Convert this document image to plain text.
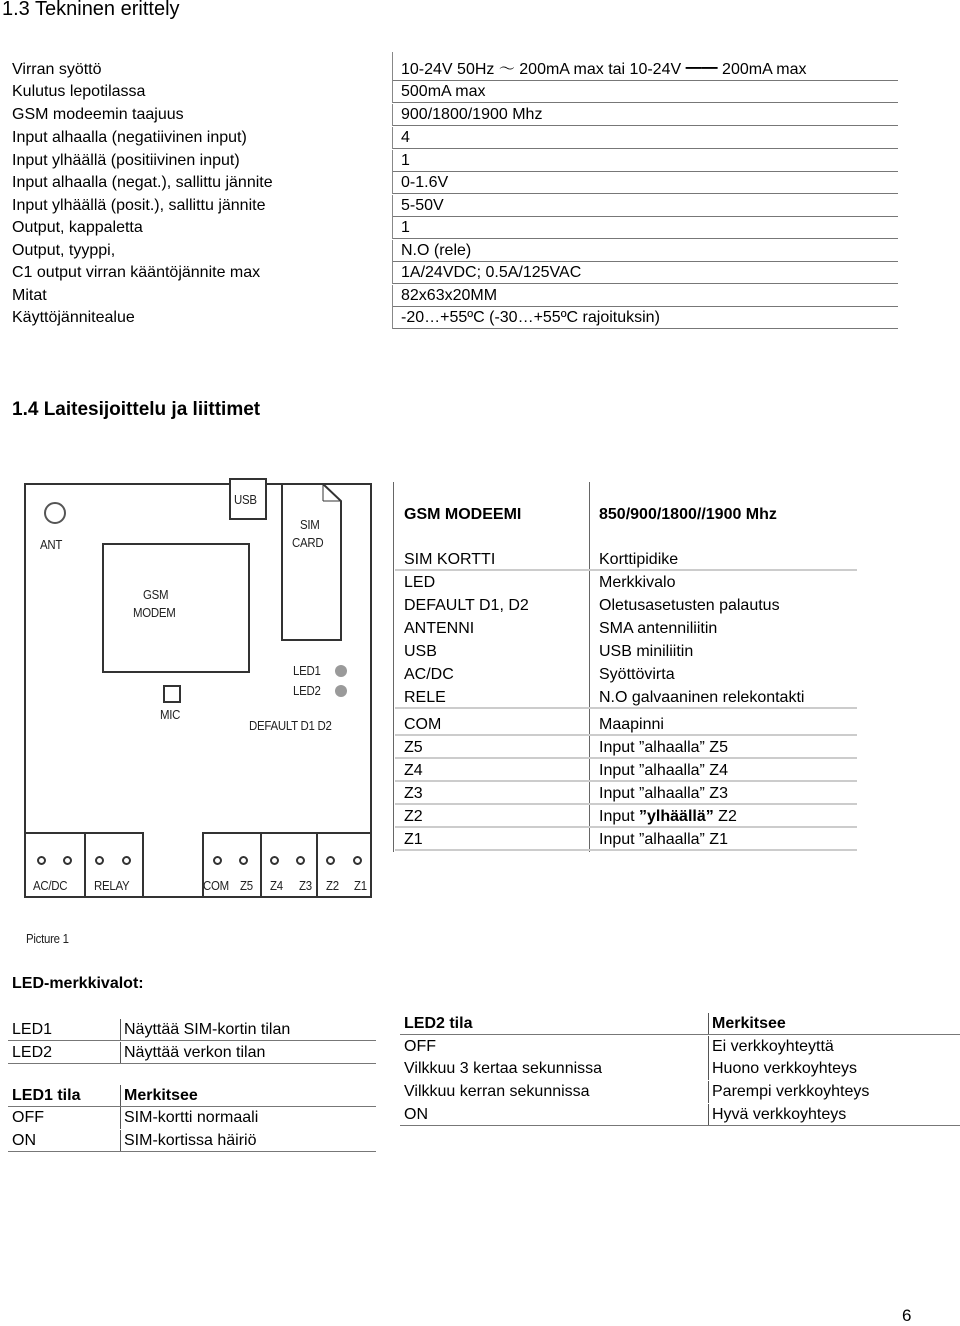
1.3 Tekninen erittely
Virran syöttö	10-24V 50Hz ～ 200mA max tai 10-24V ━━ 200mA max
Kulutus lepotilassa	500mA max
GSM modeemin taajuus	900/1800/1900 Mhz
Input alhaalla (negatiivinen input)	4
Input ylhäällä (positiivinen input)	1
Input alhaalla (negat.), sallittu jännite	0-1.6V
Input ylhäällä (posit.), sallittu jännite	5-50V
Output, kappaletta	1
Output, tyyppi,	N.O (rele)
C1 output virran kääntöjännite max	1A/24VDC; 0.5A/125VAC
Mitat	82x63x20MM
Käyttöjännitealue	-20…+55ºC (-30…+55ºC rajoituksin)
1.4 Laitesijoittelu ja liittimet
USB
ANT
SIM
CARD
GSM
MODEM
MIC
LED1
LED2
DEFAULT D1 D2
AC/DC RELAY	COM Z5 Z4 Z3 Z2 Z1
Picture 1
GSM MODEEMI	850/900/1800//1900 Mhz
SIM KORTTI	Korttipidike
LED	Merkkivalo
DEFAULT D1, D2	Oletusasetusten palautus
ANTENNI	SMA antenniliitin
USB	USB miniliitin
AC/DC	Syöttövirta
RELE	N.O galvaaninen relekontakti
COM	Maapinni
Z5	Input ”alhaalla” Z5
Z4	Input ”alhaalla” Z4
Z3	Input ”alhaalla” Z3
Z2	Input ”ylhäällä” Z2
Z1	Input ”alhaalla” Z1
LED-merkkivalot:
LED1	Näyttää SIM-kortin tilan
LED2	Näyttää verkon tilan
LED1 tila	Merkitsee
OFF	SIM-kortti normaali
ON	SIM-kortissa häiriö
LED2 tila	Merkitsee
OFF	Ei verkkoyhteyttä
Vilkkuu 3 kertaa sekunnissa	Huono verkkoyhteys
Vilkkuu kerran sekunnissa	Parempi verkkoyhteys
ON	Hyvä verkkoyhteys
6
